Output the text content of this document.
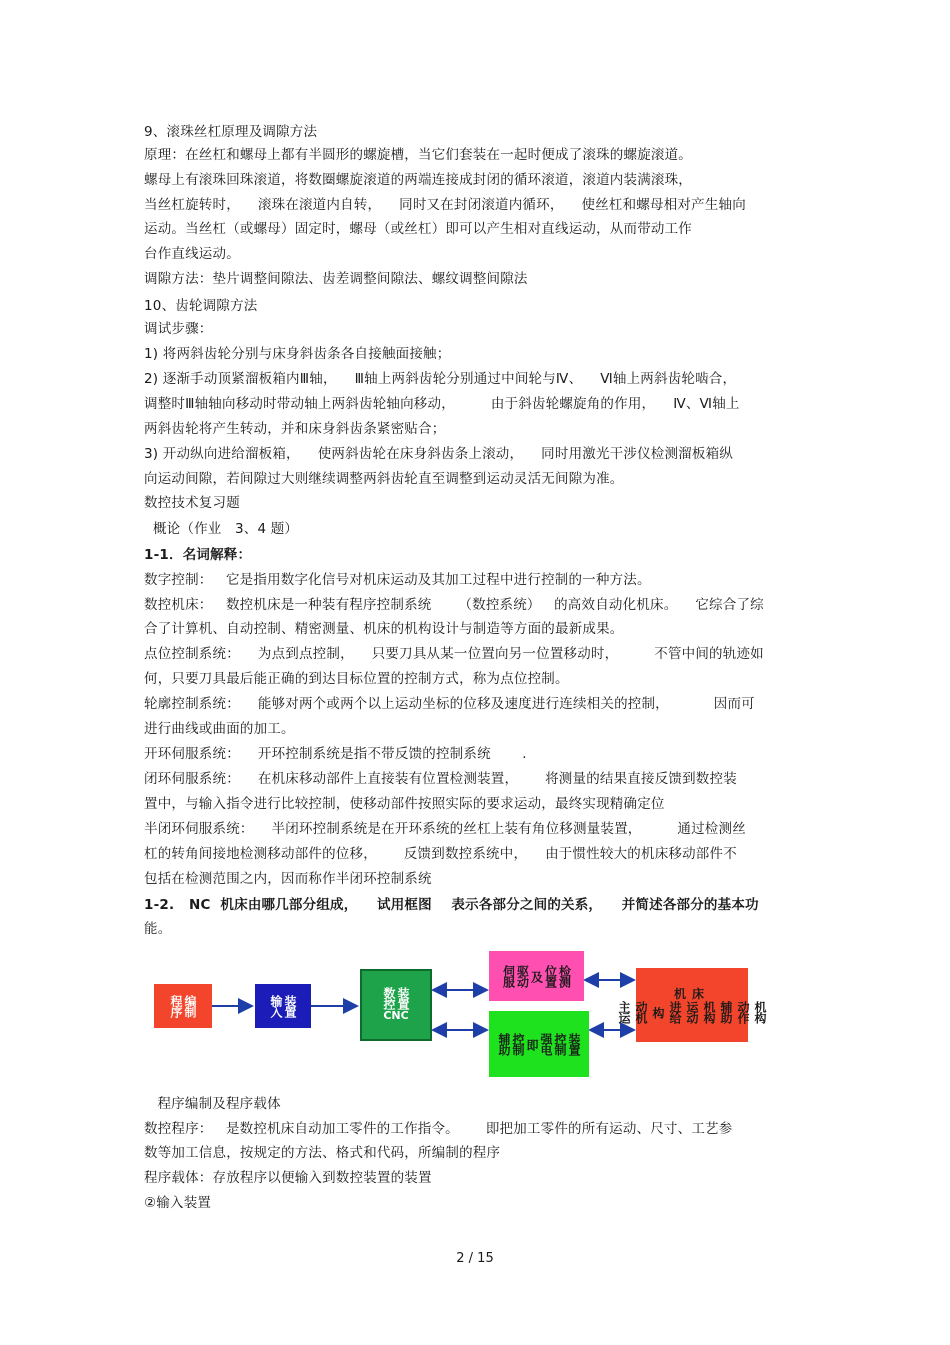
9、滚珠丝杠原理及调隙方法
原理：在丝杠和螺母上都有半圆形的螺旋槽，当它们套装在一起时便成了滚珠的螺旋滚道。
螺母上有滚珠回珠滚道，将数圈螺旋滚道的两端连接成封闭的循环滚道，滚道内装满滚珠，
当丝杠旋转时，    滚珠在滚道内自转，    同时又在封闭滚道内循环，    使丝杠和螺母相对产生轴向
运动。当丝杠（或螺母）固定时，螺母（或丝杠）即可以产生相对直线运动，从而带动工作
台作直线运动。
调隙方法：垫片调整间隙法、齿差调整间隙法、螺纹调整间隙法
10、齿轮调隙方法
调试步骤：
1) 将两斜齿轮分别与床身斜齿条各自接触面接触；
2) 逐渐手动顶紧溜板箱内Ⅲ轴，    Ⅲ轴上两斜齿轮分别通过中间轮与Ⅳ、    Ⅵ轴上两斜齿轮啮合，
调整时Ⅲ轴轴向移动时带动轴上两斜齿轮轴向移动，        由于斜齿轮螺旋角的作用，    Ⅳ、Ⅵ轴上
两斜齿轮将产生转动，并和床身斜齿条紧密贴合；
3) 开动纵向进给溜板箱，    使两斜齿轮在床身斜齿条上滚动，    同时用激光干涉仪检测溜板箱纵
向运动间隙，若间隙过大则继续调整两斜齿轮直至调整到运动灵活无间隙为准。
数控技术复习题
概论（作业   3、4 题）
1-1．名词解释：
数字控制：   它是指用数字化信号对机床运动及其加工过程中进行控制的一种方法。
数控机床：   数控机床是一种装有程序控制系统      （数控系统）   的高效自动化机床。    它综合了综
合了计算机、自动控制、精密测量、机床的机构设计与制造等方面的最新成果。
点位控制系统：    为点到点控制，    只要刀具从某一位置向另一位置移动时，        不管中间的轨迹如
何，只要刀具最后能正确的到达目标位置的控制方式，称为点位控制。
轮廓控制系统：    能够对两个或两个以上运动坐标的位移及速度进行连续相关的控制，          因而可
进行曲线或曲面的加工。
开环伺服系统：    开环控制系统是指不带反馈的控制系统       .
闭环伺服系统：    在机床移动部件上直接装有位置检测装置，      将测量的结果直接反馈到数控装
置中，与输入指令进行比较控制，使移动部件按照实际的要求运动，最终实现精确定位
半闭环伺服系统：    半闭环控制系统是在开环系统的丝杠上装有角位移测量装置，        通过检测丝
杠的转角间接地检测移动部件的位移，      反馈到数控系统中，    由于惯性较大的机床移动部件不
包括在检测范围之内，因而称作半闭环控制系统
1-2.   NC  机床由哪几部分组成，    试用框图    表示各部分之间的关系，    并简述各部分的基本功
能。
程序 编制	输入 装置	数控 装置
CNC
伺服 驱动 及 位置 检测
辅助 控制 即 强电 控制 装置
机床
主运 动机 构 进给 运动 机构 辅助 动作 机构
程序编制及程序载体
数控程序：   是数控机床自动加工零件的工作指令。      即把加工零件的所有运动、尺寸、工艺参
数等加工信息，按规定的方法、格式和代码，所编制的程序
程序载体：存放程序以便输入到数控装置的装置
②输入装置
2 / 15
